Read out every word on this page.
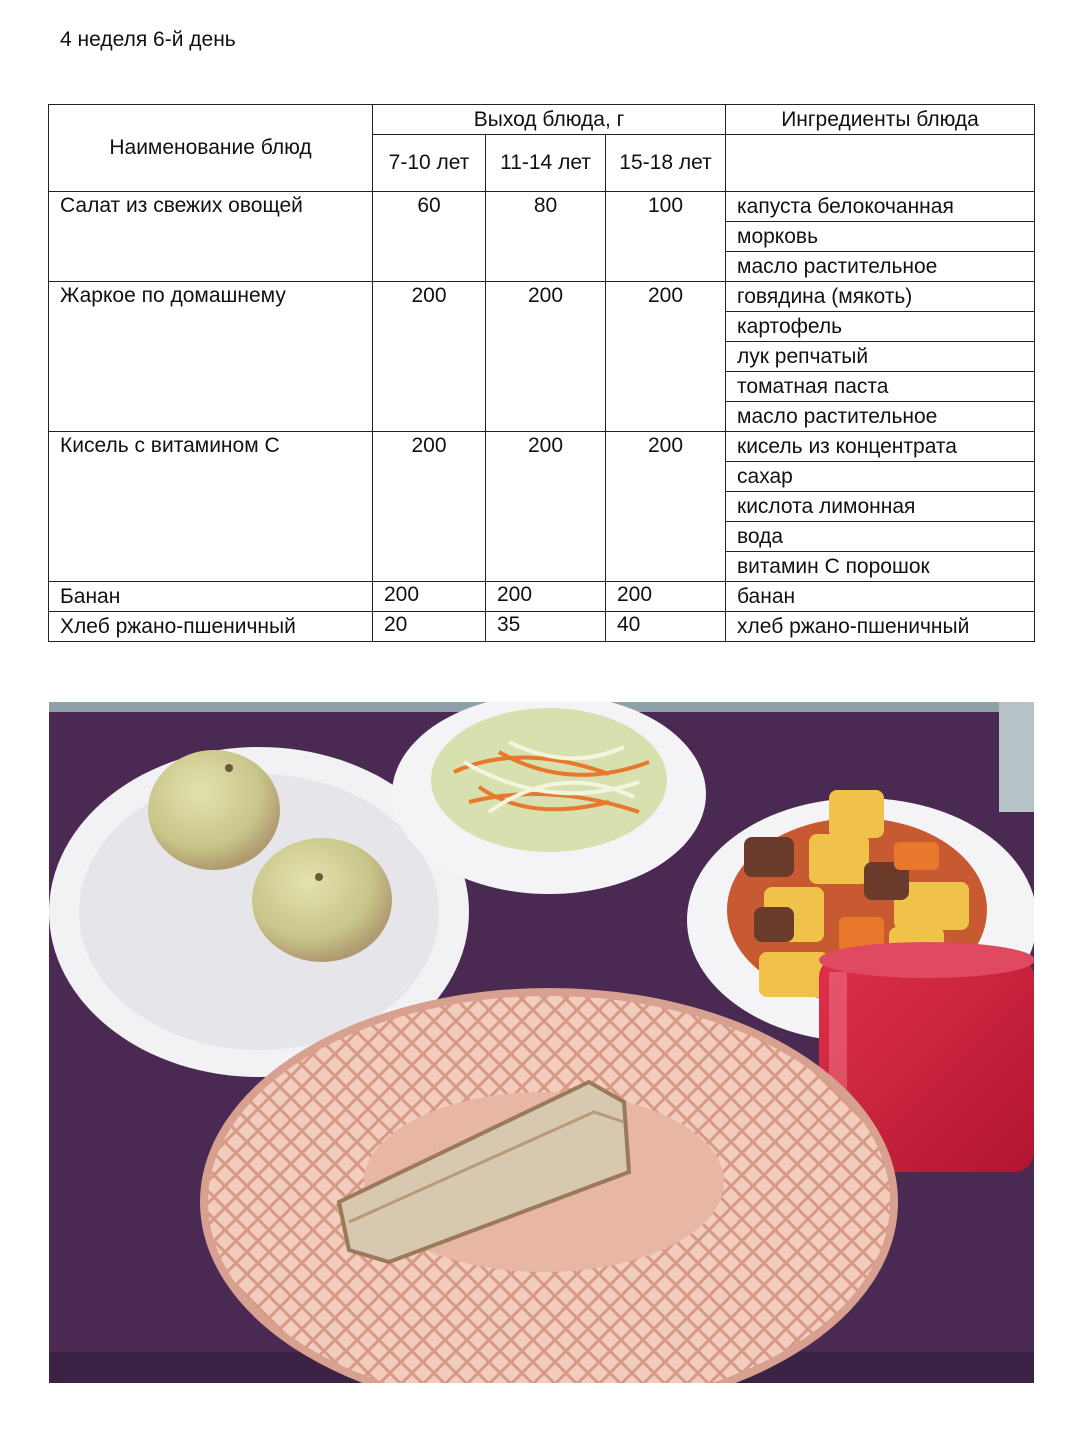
4 неделя 6-й день
Наименование блюд	Выход блюда, г			Ингредиенты блюда
	7-10 лет	11-14 лет	15-18 лет	
Салат из свежих овощей	60	80	100	капуста белокочанная
				морковь
				масло растительное
Жаркое по домашнему	200	200	200	говядина (мякоть)
				картофель
				лук репчатый
				томатная паста
				масло растительное
Кисель с витамином С	200	200	200	кисель из концентрата
				сахар
				кислота лимонная
				вода
				витамин С порошок
Банан	200	200	200	банан
Хлеб ржано-пшеничный	20	35	40	хлеб ржано-пшеничный
